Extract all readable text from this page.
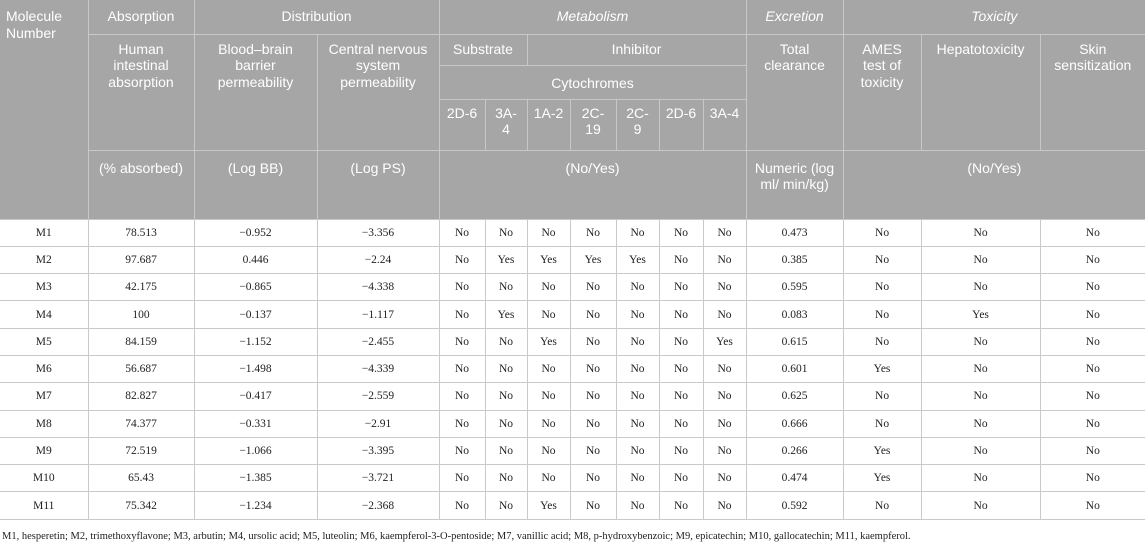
Molecule Number	Absorption	Distribution		Metabolism							Excretion	Toxicity		
	Human intestinal absorption	Blood–brain barrier permeability	Central nervous system permeability	Substrate		Inhibitor					Total clearance	AMES test of toxicity	Hepatotoxicity	Skin sensitization
				Cytochromes										
				2D-6	3A-4	1A-2	2C-19	2C-9	2D-6	3A-4				
	(% absorbed)	(Log BB)	(Log PS)	(No/Yes)							Numeric (log ml/ min/kg)	(No/Yes)		
M1	78.513	−0.952	−3.356	No	No	No	No	No	No	No	0.473	No	No	No
M2	97.687	0.446	−2.24	No	Yes	Yes	Yes	Yes	No	No	0.385	No	No	No
M3	42.175	−0.865	−4.338	No	No	No	No	No	No	No	0.595	No	No	No
M4	100	−0.137	−1.117	No	Yes	No	No	No	No	No	0.083	No	Yes	No
M5	84.159	−1.152	−2.455	No	No	Yes	No	No	No	Yes	0.615	No	No	No
M6	56.687	−1.498	−4.339	No	No	No	No	No	No	No	0.601	Yes	No	No
M7	82.827	−0.417	−2.559	No	No	No	No	No	No	No	0.625	No	No	No
M8	74.377	−0.331	−2.91	No	No	No	No	No	No	No	0.666	No	No	No
M9	72.519	−1.066	−3.395	No	No	No	No	No	No	No	0.266	Yes	No	No
M10	65.43	−1.385	−3.721	No	No	No	No	No	No	No	0.474	Yes	No	No
M11	75.342	−1.234	−2.368	No	No	Yes	No	No	No	No	0.592	No	No	No
M1, hesperetin; M2, trimethoxyflavone; M3, arbutin; M4, ursolic acid; M5, luteolin; M6, kaempferol-3-O-pentoside; M7, vanillic acid; M8, p-hydroxybenzoic; M9, epicatechin; M10, gallocatechin; M11, kaempferol.
